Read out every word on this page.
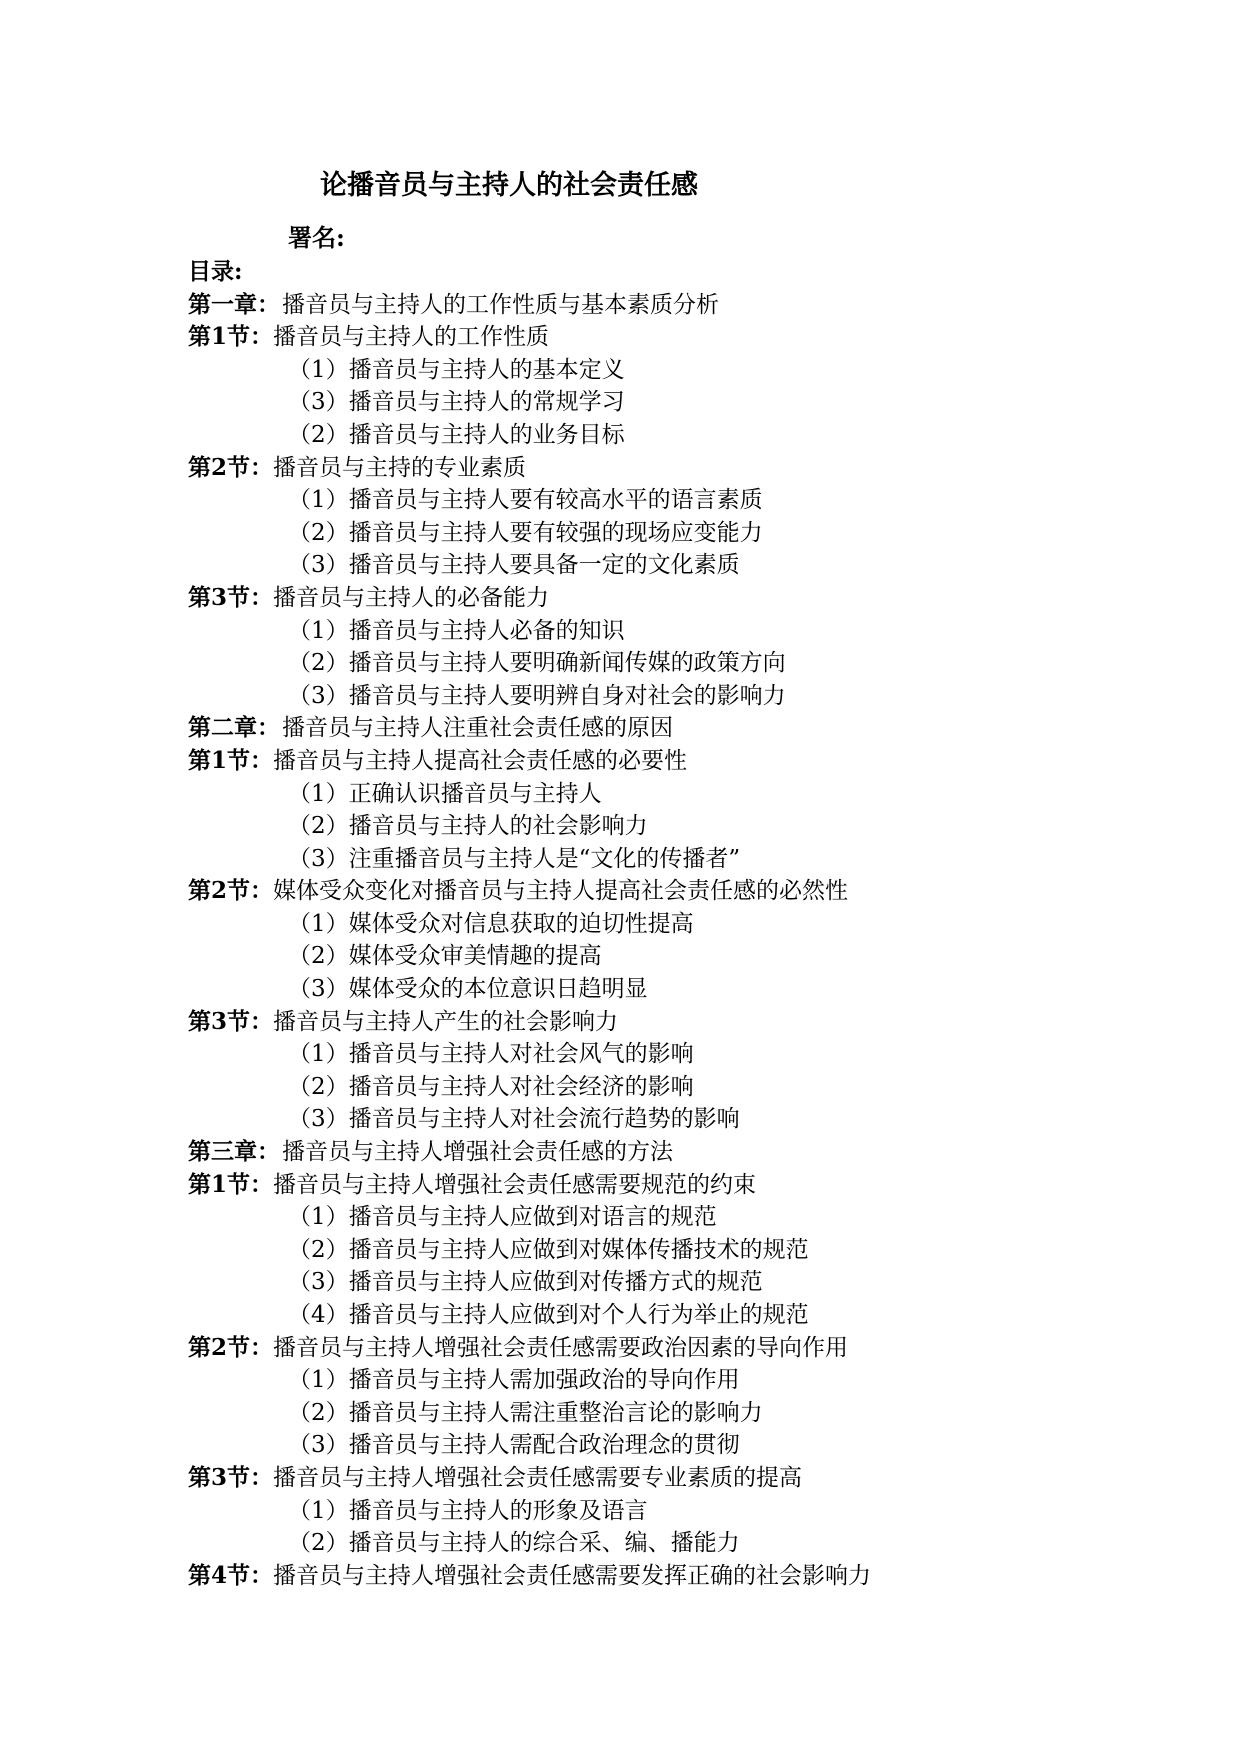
论播音员与主持人的社会责任感
署名:
目录:
第一章：播音员与主持人的工作性质与基本素质分析
第1节：播音员与主持人的工作性质
（1）播音员与主持人的基本定义
（3）播音员与主持人的常规学习
（2）播音员与主持人的业务目标
第2节：播音员与主持的专业素质
（1）播音员与主持人要有较高水平的语言素质
（2）播音员与主持人要有较强的现场应变能力
（3）播音员与主持人要具备一定的文化素质
第3节：播音员与主持人的必备能力
（1）播音员与主持人必备的知识
（2）播音员与主持人要明确新闻传媒的政策方向
（3）播音员与主持人要明辨自身对社会的影响力
第二章：播音员与主持人注重社会责任感的原因
第1节：播音员与主持人提高社会责任感的必要性
（1）正确认识播音员与主持人
（2）播音员与主持人的社会影响力
（3）注重播音员与主持人是“文化的传播者”
第2节：媒体受众变化对播音员与主持人提高社会责任感的必然性
（1）媒体受众对信息获取的迫切性提高
（2）媒体受众审美情趣的提高
（3）媒体受众的本位意识日趋明显
第3节：播音员与主持人产生的社会影响力
（1）播音员与主持人对社会风气的影响
（2）播音员与主持人对社会经济的影响
（3）播音员与主持人对社会流行趋势的影响
第三章：播音员与主持人增强社会责任感的方法
第1节：播音员与主持人增强社会责任感需要规范的约束
（1）播音员与主持人应做到对语言的规范
（2）播音员与主持人应做到对媒体传播技术的规范
（3）播音员与主持人应做到对传播方式的规范
（4）播音员与主持人应做到对个人行为举止的规范
第2节：播音员与主持人增强社会责任感需要政治因素的导向作用
（1）播音员与主持人需加强政治的导向作用
（2）播音员与主持人需注重整治言论的影响力
（3）播音员与主持人需配合政治理念的贯彻
第3节：播音员与主持人增强社会责任感需要专业素质的提高
（1）播音员与主持人的形象及语言
（2）播音员与主持人的综合采、编、播能力
第4节：播音员与主持人增强社会责任感需要发挥正确的社会影响力
